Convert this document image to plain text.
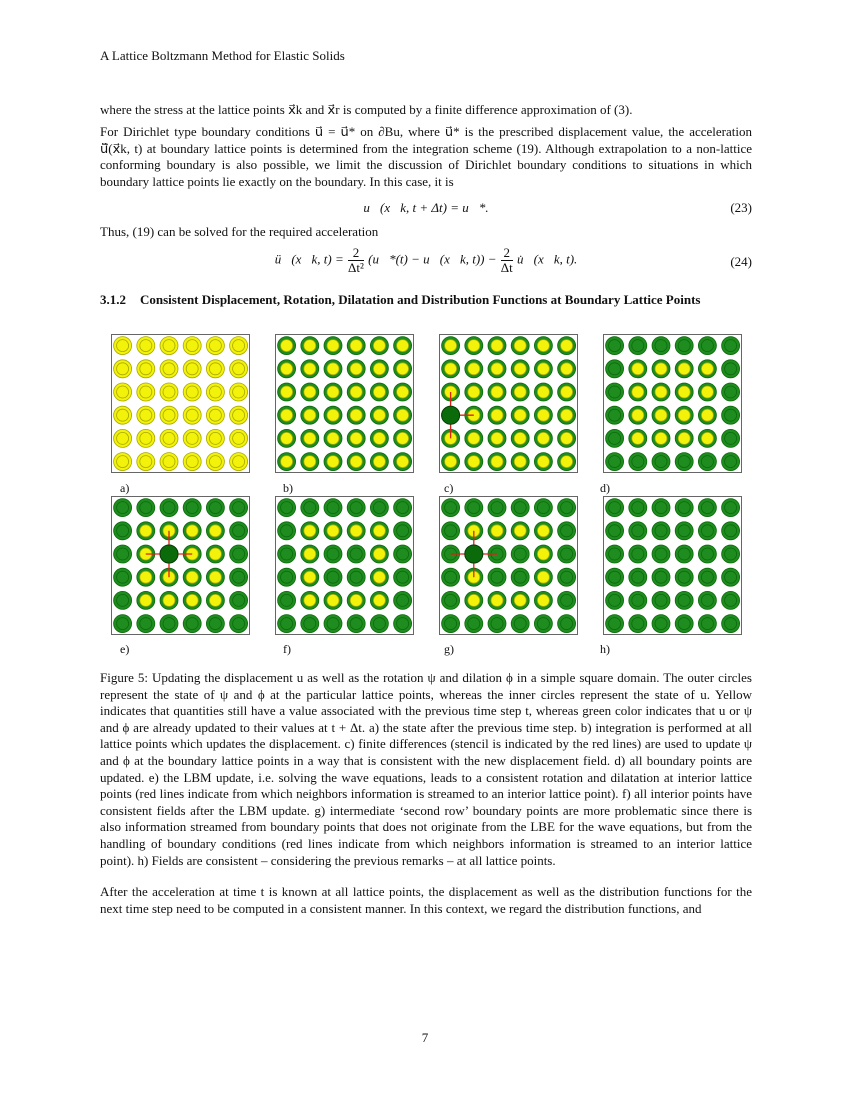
A Lattice Boltzmann Method for Elastic Solids
where the stress at the lattice points x⃗k and x⃗r is computed by a finite difference approximation of (3).
For Dirichlet type boundary conditions u⃗ = u⃗* on ∂Bu, where u⃗* is the prescribed displacement value, the acceleration ü⃗(x⃗k, t) at boundary lattice points is determined from the integration scheme (19). Although extrapolation to a non-lattice conforming boundary is also possible, we limit the discussion of Dirichlet boundary conditions to situations in which boundary lattice points lie exactly on the boundary. In this case, it is
u⃗(x⃗k, t + Δt) = u⃗*.	(23)
Thus, (19) can be solved for the required acceleration
ü⃗(x⃗k, $t) = \frac{2}{\text{Δt²}}$ (u⃗*(t) − u⃗(x⃗k, $t)) - \frac{2}{\Delta t}$ u̇⃗(x⃗k, t).	(24)
3.1.2 Consistent Displacement, Rotation, Dilatation and Distribution Functions at Boundary Lattice Points
a)	b)	c)	d)
e)	f)	g)	h)
Figure 5: Updating the displacement u as well as the rotation ψ and dilation ϕ in a simple square domain. The outer circles represent the state of ψ and ϕ at the particular lattice points, whereas the inner circles represent the state of u. Yellow indicates that quantities still have a value associated with the previous time step t, whereas green color indicates that u or ψ and ϕ are already updated to their values at t + Δt. a) the state after the previous time step. b) integration is performed at all lattice points which updates the displacement. c) finite differences (stencil is indicated by the red lines) are used to update ψ and ϕ at the boundary lattice points in a way that is consistent with the new displacement field. d) all boundary points are updated. e) the LBM update, i.e. solving the wave equations, leads to a consistent rotation and dilatation at interior lattice points (red lines indicate from which neighbors information is streamed to an interior lattice point). f) all interior points have consistent fields after the LBM update. g) intermediate ‘second row’ boundary points are more problematic since there is also information streamed from boundary points that does not originate from the LBE for the wave equations, but from the handling of boundary conditions (red lines indicate from which neighbors information is streamed to an interior lattice point). h) Fields are consistent – considering the previous remarks – at all lattice points.
After the acceleration at time t is known at all lattice points, the displacement as well as the distribution functions for the next time step need to be computed in a consistent manner. In this context, we regard the distribution functions, and
7
